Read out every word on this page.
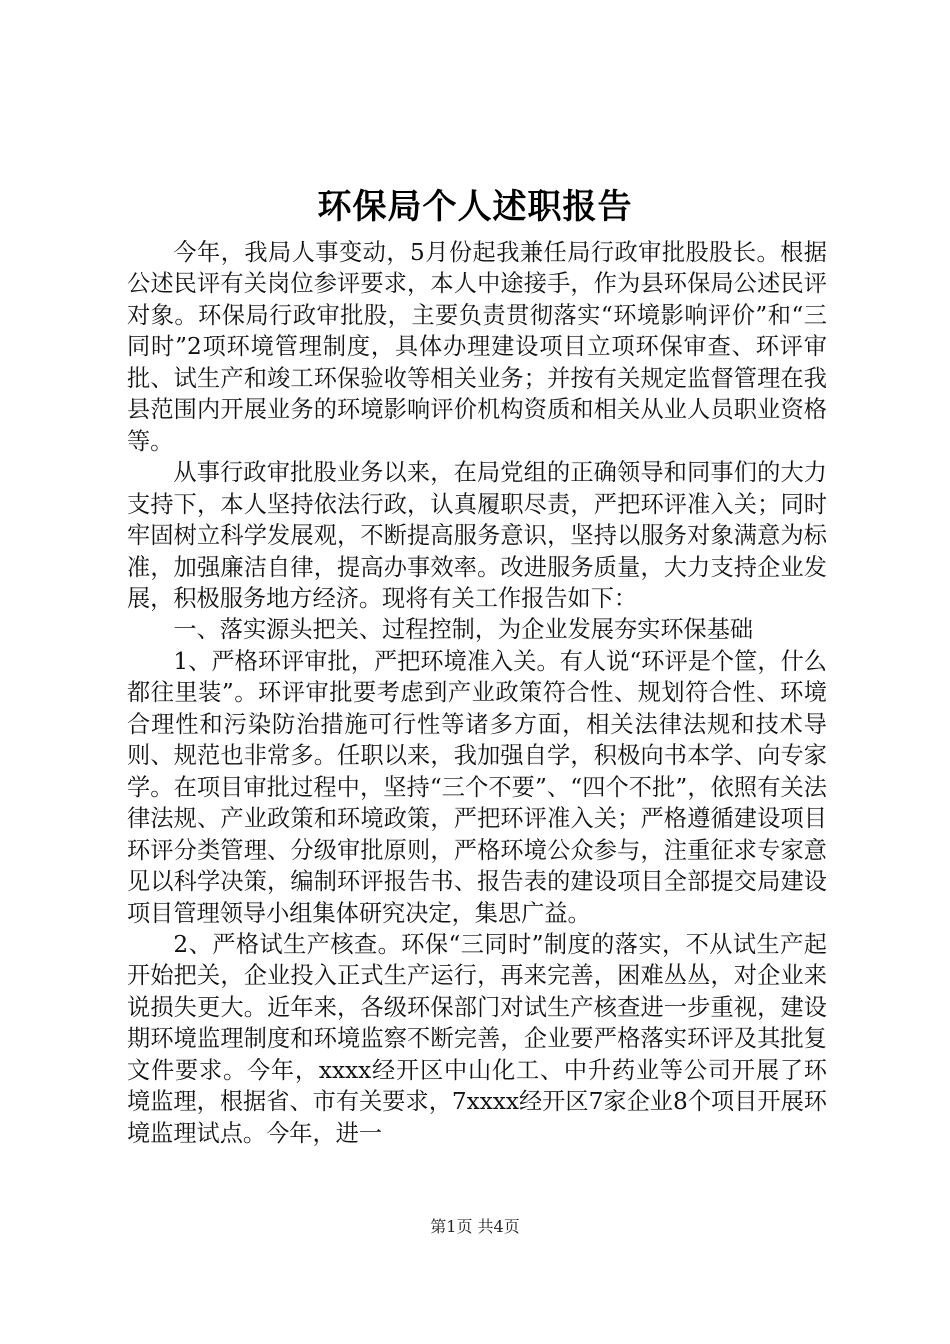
环保局个人述职报告

今年，我局人事变动，5月份起我兼任局行政审批股股长。根据公述民评有关岗位参评要求，本人中途接手，作为县环保局公述民评对象。环保局行政审批股，主要负责贯彻落实“环境影响评价”和“三同时”2项环境管理制度，具体办理建设项目立项环保审查、环评审批、试生产和竣工环保验收等相关业务；并按有关规定监督管理在我县范围内开展业务的环境影响评价机构资质和相关从业人员职业资格等。

从事行政审批股业务以来，在局党组的正确领导和同事们的大力支持下，本人坚持依法行政，认真履职尽责，严把环评准入关；同时牢固树立科学发展观，不断提高服务意识，坚持以服务对象满意为标准，加强廉洁自律，提高办事效率。改进服务质量，大力支持企业发展，积极服务地方经济。现将有关工作报告如下：

一、落实源头把关、过程控制，为企业发展夯实环保基础

1、严格环评审批，严把环境准入关。有人说“环评是个筐，什么都往里装”。环评审批要考虑到产业政策符合性、规划符合性、环境合理性和污染防治措施可行性等诸多方面，相关法律法规和技术导则、规范也非常多。任职以来，我加强自学，积极向书本学、向专家学。在项目审批过程中，坚持“三个不要”、“四个不批”，依照有关法律法规、产业政策和环境政策，严把环评准入关；严格遵循建设项目环评分类管理、分级审批原则，严格环境公众参与，注重征求专家意见以科学决策，编制环评报告书、报告表的建设项目全部提交局建设项目管理领导小组集体研究决定，集思广益。

2、严格试生产核查。环保“三同时”制度的落实，不从试生产起开始把关，企业投入正式生产运行，再来完善，困难丛丛，对企业来说损失更大。近年来，各级环保部门对试生产核查进一步重视，建设期环境监理制度和环境监察不断完善，企业要严格落实环评及其批复文件要求。今年，xxxx经开区中山化工、中升药业等公司开展了环境监理，根据省、市有关要求，7xxxx经开区7家企业8个项目开展环境监理试点。今年，进一

第1页 共4页
